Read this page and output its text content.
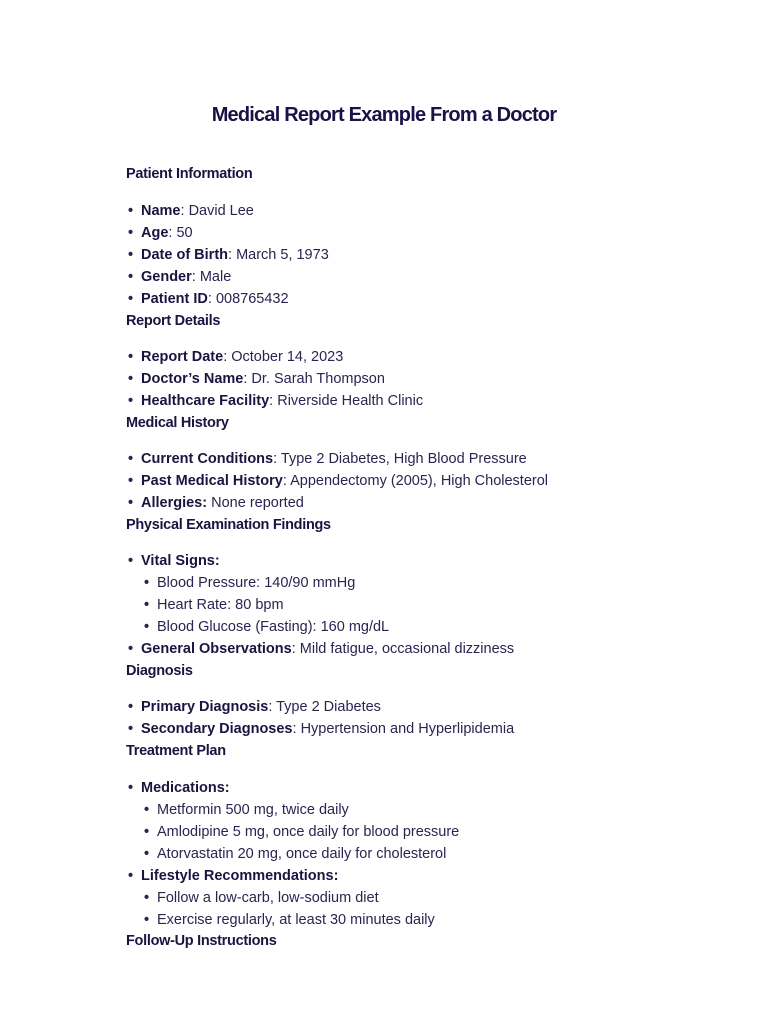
Medical Report Example From a Doctor
Patient Information
• Name: David Lee
• Age: 50
• Date of Birth: March 5, 1973
• Gender: Male
• Patient ID: 008765432
Report Details
• Report Date: October 14, 2023
• Doctor’s Name: Dr. Sarah Thompson
• Healthcare Facility: Riverside Health Clinic
Medical History
• Current Conditions: Type 2 Diabetes, High Blood Pressure
• Past Medical History: Appendectomy (2005), High Cholesterol
• Allergies: None reported
Physical Examination Findings
• Vital Signs:
• Blood Pressure: 140/90 mmHg
• Heart Rate: 80 bpm
• Blood Glucose (Fasting): 160 mg/dL
• General Observations: Mild fatigue, occasional dizziness
Diagnosis
• Primary Diagnosis: Type 2 Diabetes
• Secondary Diagnoses: Hypertension and Hyperlipidemia
Treatment Plan
• Medications:
• Metformin 500 mg, twice daily
• Amlodipine 5 mg, once daily for blood pressure
• Atorvastatin 20 mg, once daily for cholesterol
• Lifestyle Recommendations:
• Follow a low-carb, low-sodium diet
• Exercise regularly, at least 30 minutes daily
Follow-Up Instructions
